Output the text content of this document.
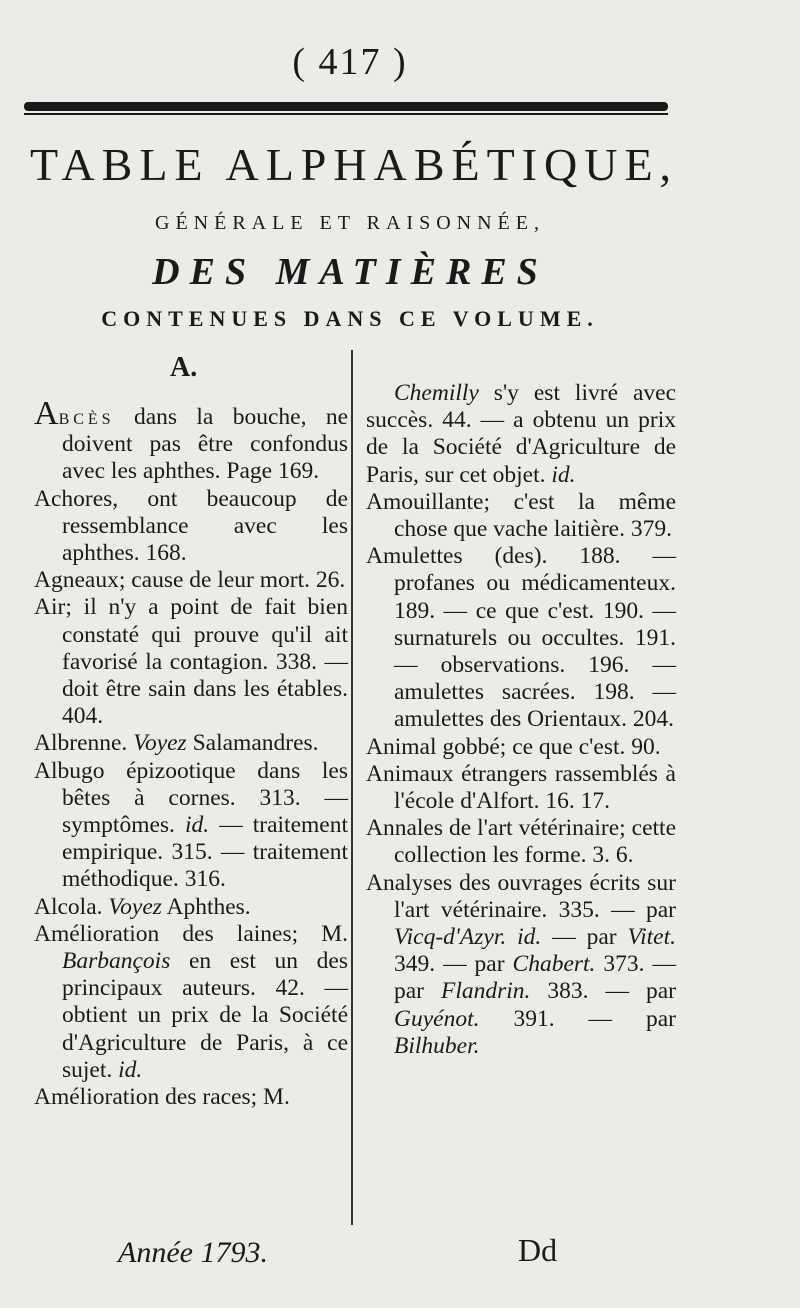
( 417 )
TABLE ALPHABÉTIQUE,
GÉNÉRALE ET RAISONNÉE,
DES MATIÈRES
CONTENUES DANS CE VOLUME.
A.

Abcès dans la bouche, ne doivent pas être confondus avec les aphthes. Page 169.

Achores, ont beaucoup de ressemblance avec les aphthes. 168.

Agneaux; cause de leur mort. 26.

Air; il n'y a point de fait bien constaté qui prouve qu'il ait favorisé la contagion. 338. — doit être sain dans les étables. 404.

Albrenne. Voyez Salamandres.

Albugo épizootique dans les bêtes à cornes. 313. — symptômes. id. — traitement empirique. 315. — traitement méthodique. 316.

Alcola. Voyez Aphthes.

Amélioration des laines; M. Barbançois en est un des principaux auteurs. 42. — obtient un prix de la Société d'Agriculture de Paris, à ce sujet. id.

Amélioration des races; M.

Chemilly s'y est livré avec succès. 44. — a obtenu un prix de la Société d'Agriculture de Paris, sur cet objet. id.

Amouillante; c'est la même chose que vache laitière. 379.

Amulettes (des). 188. — profanes ou médicamenteux. 189. — ce que c'est. 190. — surnaturels ou occultes. 191. — observations. 196. — amulettes sacrées. 198. — amulettes des Orientaux. 204.

Animal gobbé; ce que c'est. 90.

Animaux étrangers rassemblés à l'école d'Alfort. 16. 17.

Annales de l'art vétérinaire; cette collection les forme. 3. 6.

Analyses des ouvrages écrits sur l'art vétérinaire. 335. — par Vicq-d'Azyr. id. — par Vitet. 349. — par Chabert. 373. — par Flandrin. 383. — par Guyénot. 391. — par Bilhuber.

Année 1793.	Dd
